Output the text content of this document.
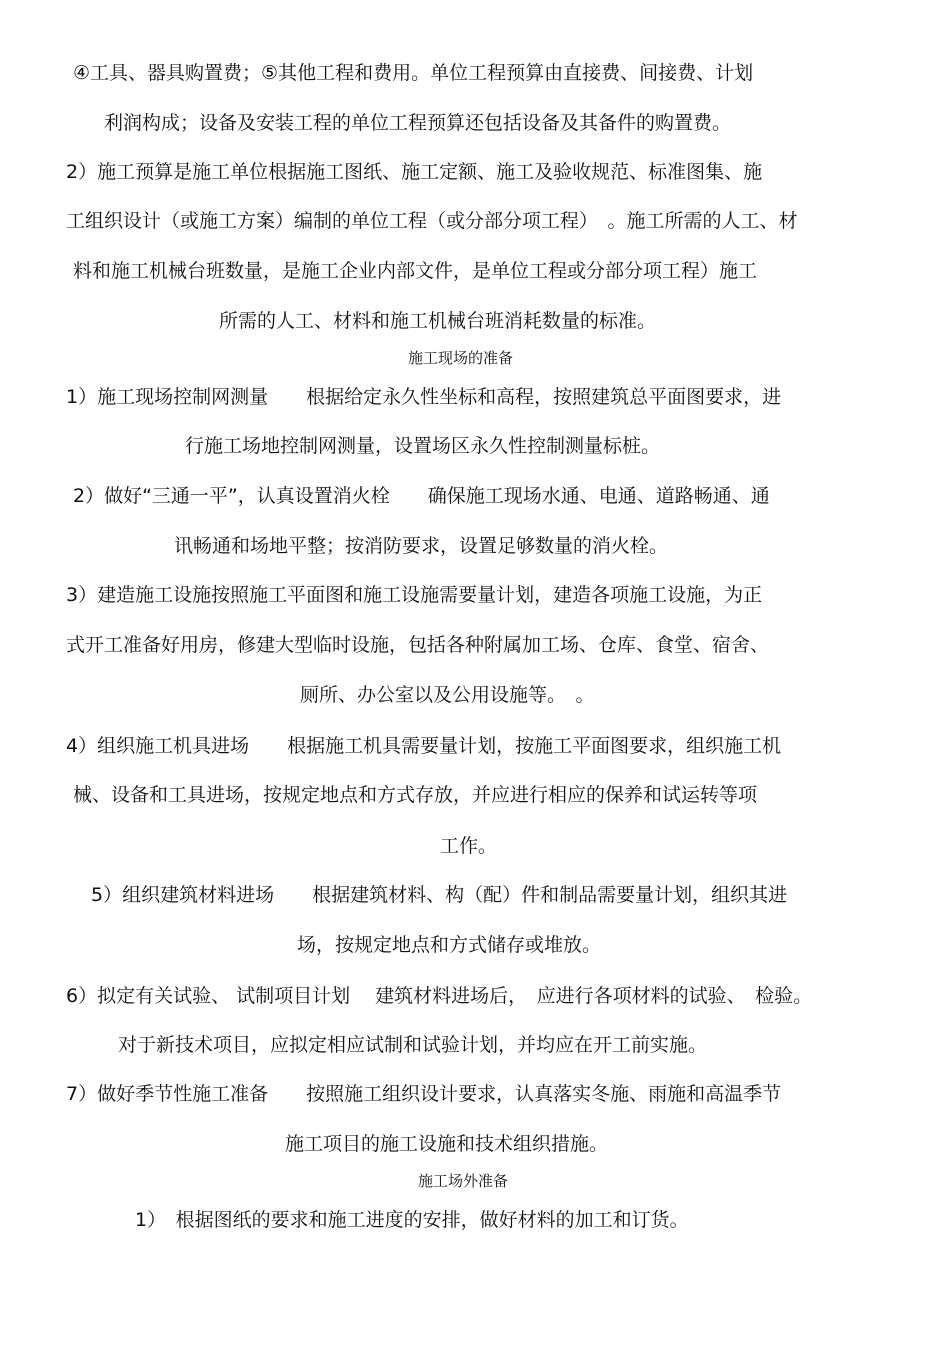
④工具、器具购置费；⑤其他工程和费用。单位工程预算由直接费、间接费、计划
利润构成；设备及安装工程的单位工程预算还包括设备及其备件的购置费。
2）施工预算是施工单位根据施工图纸、施工定额、施工及验收规范、标准图集、施
工组织设计（或施工方案）编制的单位工程（或分部分项工程）　。施工所需的人工、材
料和施工机械台班数量，是施工企业内部文件，是单位工程或分部分项工程）施工
所需的人工、材料和施工机械台班消耗数量的标准。
施工现场的准备
1）施工现场控制网测量　　根据给定永久性坐标和高程，按照建筑总平面图要求，进
行施工场地控制网测量，设置场区永久性控制测量标桩。
2）做好“三通一平”，认真设置消火栓　　确保施工现场水通、电通、道路畅通、通
讯畅通和场地平整；按消防要求，设置足够数量的消火栓。
3）建造施工设施按照施工平面图和施工设施需要量计划，建造各项施工设施，为正
式开工准备好用房，修建大型临时设施，包括各种附属加工场、仓库、食堂、宿舍、
厕所、办公室以及公用设施等。　。
4）组织施工机具进场　　根据施工机具需要量计划，按施工平面图要求，组织施工机
械、设备和工具进场，按规定地点和方式存放，并应进行相应的保养和试运转等项
工作。
5）组织建筑材料进场　　根据建筑材料、构（配）件和制品需要量计划，组织其进
场，按规定地点和方式储存或堆放。
6）拟定有关试验、 试制项目计划　 建筑材料进场后，　应进行各项材料的试验、　检验。
对于新技术项目，应拟定相应试制和试验计划，并均应在开工前实施。
7）做好季节性施工准备　　按照施工组织设计要求，认真落实冬施、雨施和高温季节
施工项目的施工设施和技术组织措施。
施工场外准备
1）　根据图纸的要求和施工进度的安排，做好材料的加工和订货。
